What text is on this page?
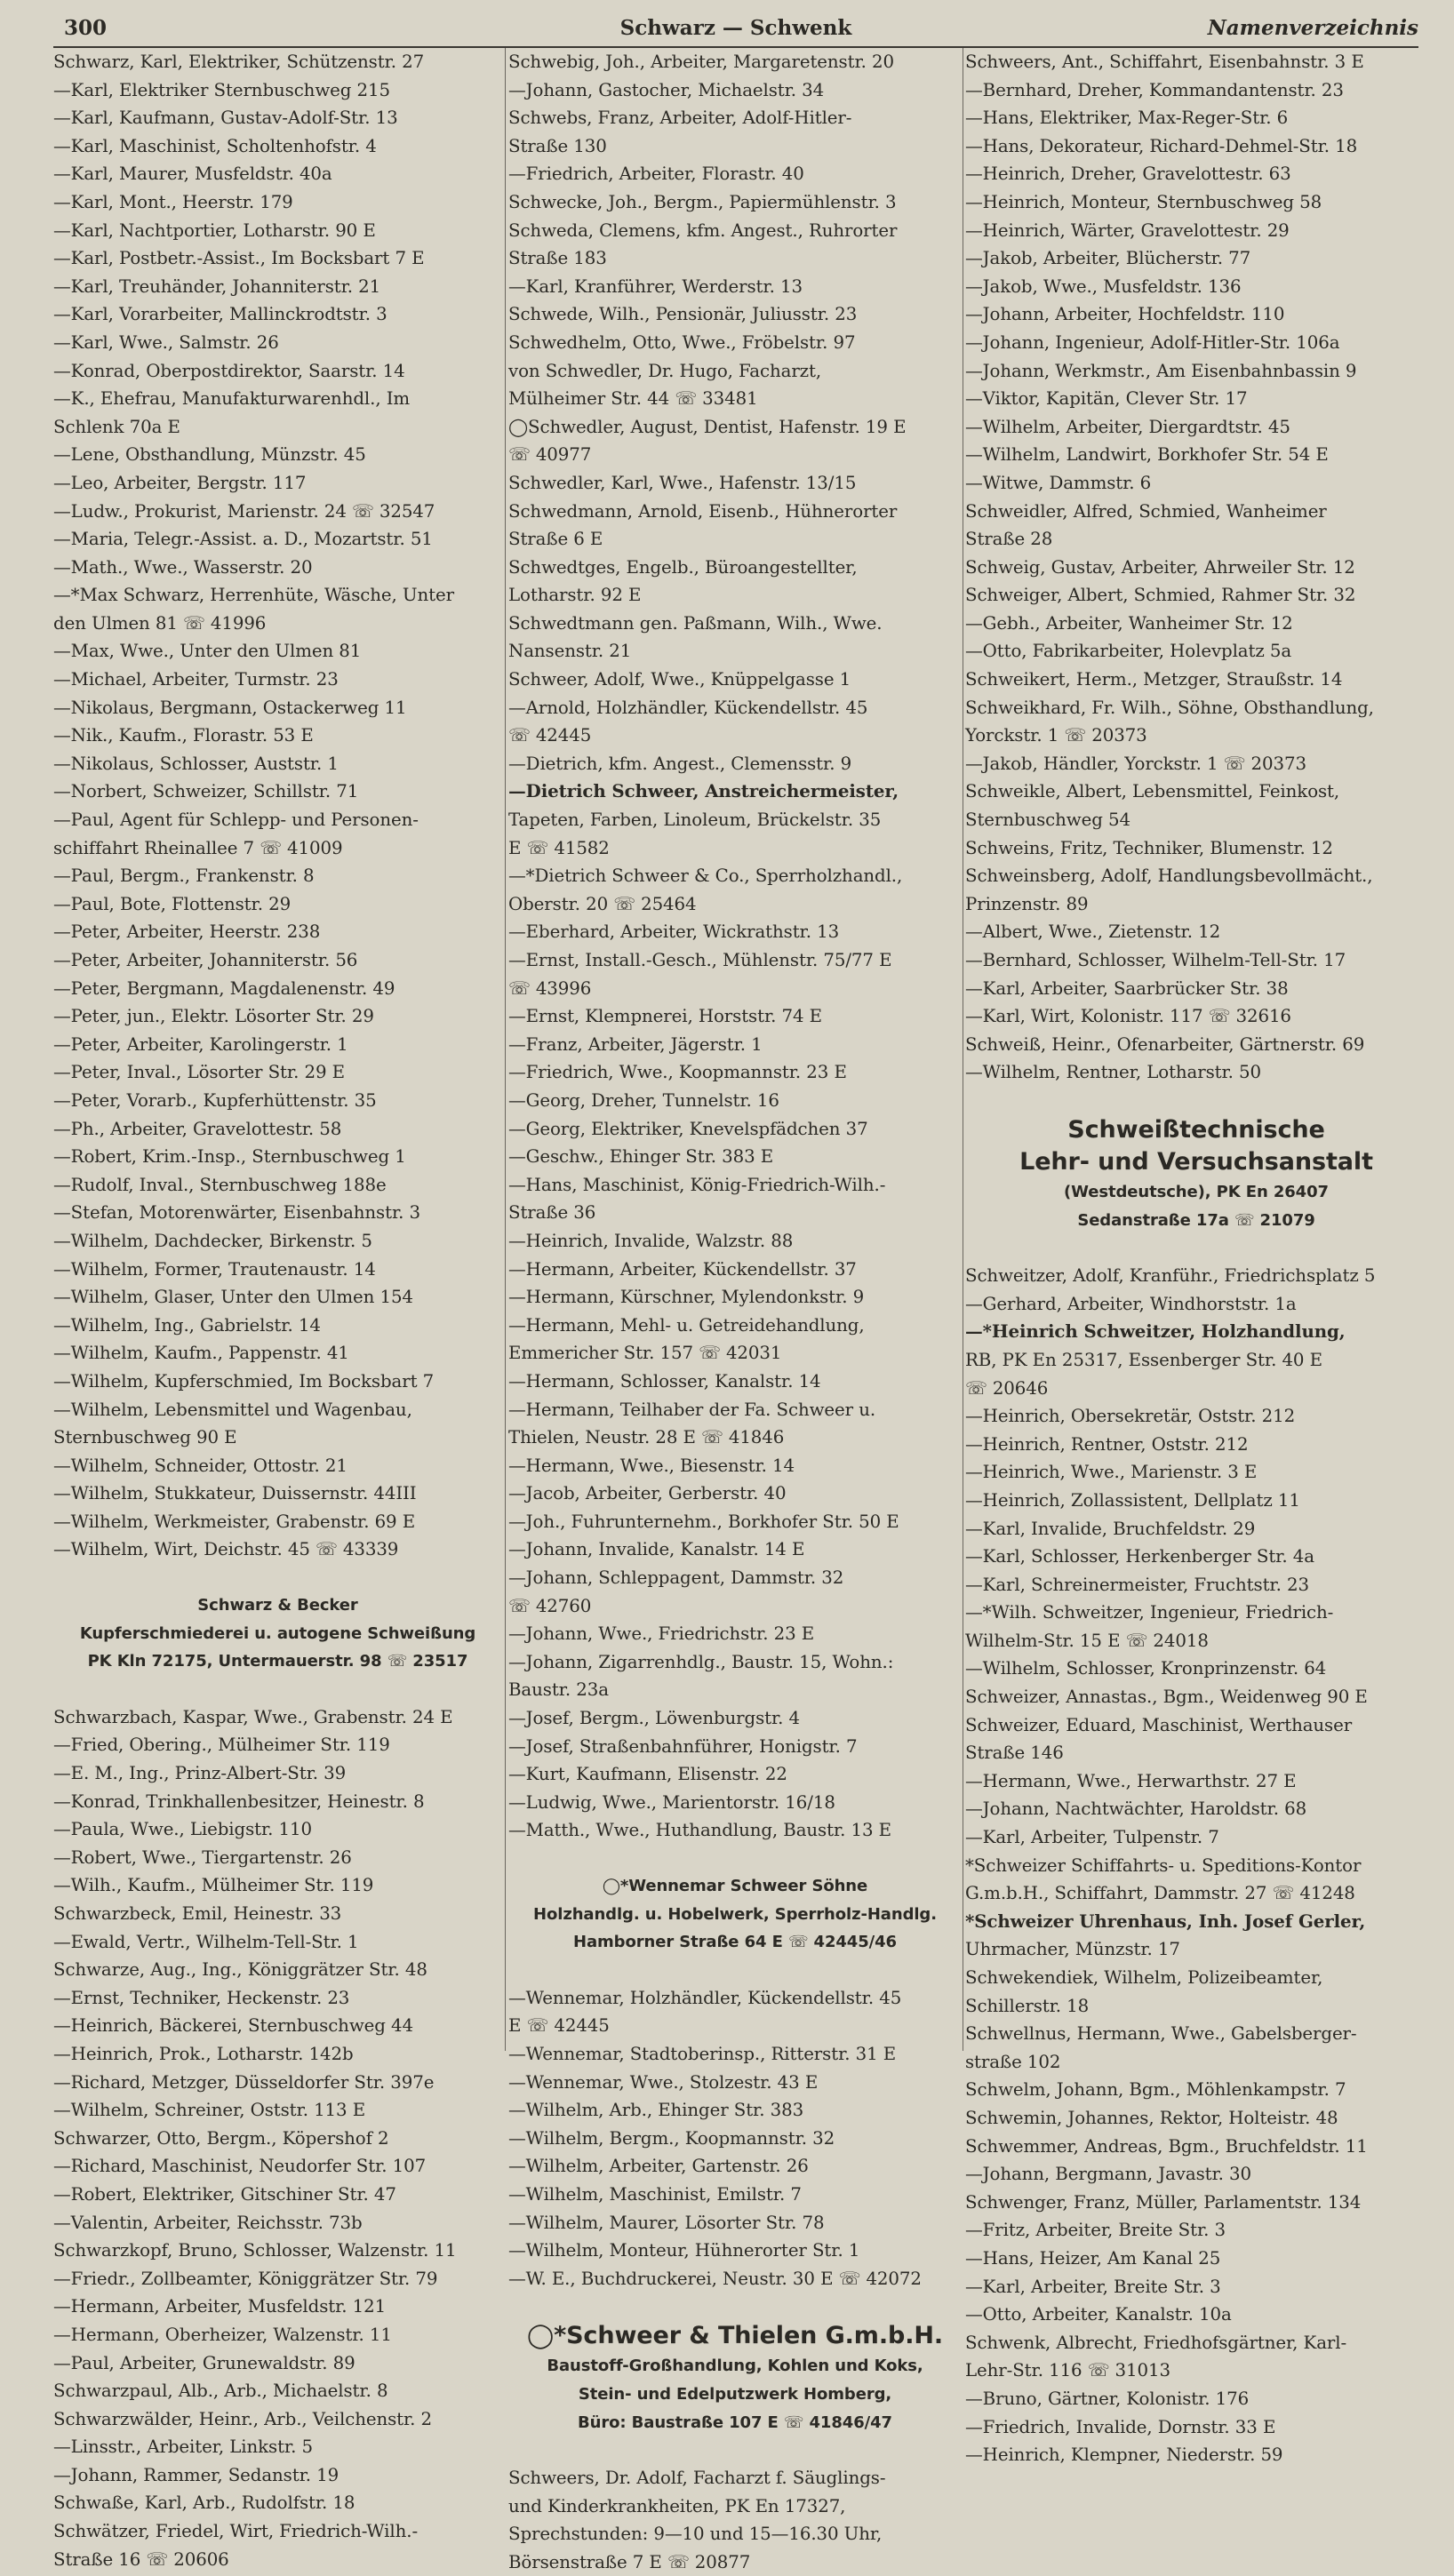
300	Schwarz — Schwenk	Namenverzeichnis
Schwarz, Karl, Elektriker, Schützenstr. 27
—Karl, Elektriker Sternbuschweg 215
—Karl, Kaufmann, Gustav-Adolf-Str. 13
—Karl, Maschinist, Scholtenhofstr. 4
—Karl, Maurer, Musfeldstr. 40a
—Karl, Mont., Heerstr. 179
—Karl, Nachtportier, Lotharstr. 90 E
—Karl, Postbetr.-Assist., Im Bocksbart 7 E
—Karl, Treuhänder, Johanniterstr. 21
—Karl, Vorarbeiter, Mallinckrodtstr. 3
—Karl, Wwe., Salmstr. 26
—Konrad, Oberpostdirektor, Saarstr. 14
—K., Ehefrau, Manufakturwarenhdl., Im
Schlenk 70a E
—Lene, Obsthandlung, Münzstr. 45
—Leo, Arbeiter, Bergstr. 117
—Ludw., Prokurist, Marienstr. 24 ☏ 32547
—Maria, Telegr.-Assist. a. D., Mozartstr. 51
—Math., Wwe., Wasserstr. 20
—*Max Schwarz, Herrenhüte, Wäsche, Unter
den Ulmen 81 ☏ 41996
—Max, Wwe., Unter den Ulmen 81
—Michael, Arbeiter, Turmstr. 23
—Nikolaus, Bergmann, Ostackerweg 11
—Nik., Kaufm., Florastr. 53 E
—Nikolaus, Schlosser, Auststr. 1
—Norbert, Schweizer, Schillstr. 71
—Paul, Agent für Schlepp- und Personen-
schiffahrt Rheinallee 7 ☏ 41009
—Paul, Bergm., Frankenstr. 8
—Paul, Bote, Flottenstr. 29
—Peter, Arbeiter, Heerstr. 238
—Peter, Arbeiter, Johanniterstr. 56
—Peter, Bergmann, Magdalenenstr. 49
—Peter, jun., Elektr. Lösorter Str. 29
—Peter, Arbeiter, Karolingerstr. 1
—Peter, Inval., Lösorter Str. 29 E
—Peter, Vorarb., Kupferhüttenstr. 35
—Ph., Arbeiter, Gravelottestr. 58
—Robert, Krim.-Insp., Sternbuschweg 1
—Rudolf, Inval., Sternbuschweg 188e
—Stefan, Motorenwärter, Eisenbahnstr. 3
—Wilhelm, Dachdecker, Birkenstr. 5
—Wilhelm, Former, Trautenaustr. 14
—Wilhelm, Glaser, Unter den Ulmen 154
—Wilhelm, Ing., Gabrielstr. 14
—Wilhelm, Kaufm., Pappenstr. 41
—Wilhelm, Kupferschmied, Im Bocksbart 7
—Wilhelm, Lebensmittel und Wagenbau,
Sternbuschweg 90 E
—Wilhelm, Schneider, Ottostr. 21
—Wilhelm, Stukkateur, Duissernstr. 44III
—Wilhelm, Werkmeister, Grabenstr. 69 E
—Wilhelm, Wirt, Deichstr. 45 ☏ 43339
Schwarz & Becker
Kupferschmiederei u. autogene Schweißung
PK Kln 72175, Untermauerstr. 98 ☏ 23517
Schwarzbach, Kaspar, Wwe., Grabenstr. 24 E
—Fried, Obering., Mülheimer Str. 119
—E. M., Ing., Prinz-Albert-Str. 39
—Konrad, Trinkhallenbesitzer, Heinestr. 8
—Paula, Wwe., Liebigstr. 110
—Robert, Wwe., Tiergartenstr. 26
—Wilh., Kaufm., Mülheimer Str. 119
Schwarzbeck, Emil, Heinestr. 33
—Ewald, Vertr., Wilhelm-Tell-Str. 1
Schwarze, Aug., Ing., Königgrätzer Str. 48
—Ernst, Techniker, Heckenstr. 23
—Heinrich, Bäckerei, Sternbuschweg 44
—Heinrich, Prok., Lotharstr. 142b
—Richard, Metzger, Düsseldorfer Str. 397e
—Wilhelm, Schreiner, Oststr. 113 E
Schwarzer, Otto, Bergm., Köpershof 2
—Richard, Maschinist, Neudorfer Str. 107
—Robert, Elektriker, Gitschiner Str. 47
—Valentin, Arbeiter, Reichsstr. 73b
Schwarzkopf, Bruno, Schlosser, Walzenstr. 11
—Friedr., Zollbeamter, Königgrätzer Str. 79
—Hermann, Arbeiter, Musfeldstr. 121
—Hermann, Oberheizer, Walzenstr. 11
—Paul, Arbeiter, Grunewaldstr. 89
Schwarzpaul, Alb., Arb., Michaelstr. 8
Schwarzwälder, Heinr., Arb., Veilchenstr. 2
—Linsstr., Arbeiter, Linkstr. 5
—Johann, Rammer, Sedanstr. 19
Schwaße, Karl, Arb., Rudolfstr. 18
Schwätzer, Friedel, Wirt, Friedrich-Wilh.-
Straße 16 ☏ 20606
Schwebig, Joh., Arbeiter, Margaretenstr. 20
—Johann, Gastocher, Michaelstr. 34
Schwebs, Franz, Arbeiter, Adolf-Hitler-
Straße 130
—Friedrich, Arbeiter, Florastr. 40
Schwecke, Joh., Bergm., Papiermühlenstr. 3
Schweda, Clemens, kfm. Angest., Ruhrorter
Straße 183
—Karl, Kranführer, Werderstr. 13
Schwede, Wilh., Pensionär, Juliusstr. 23
Schwedhelm, Otto, Wwe., Fröbelstr. 97
von Schwedler, Dr. Hugo, Facharzt,
Mülheimer Str. 44 ☏ 33481
◯Schwedler, August, Dentist, Hafenstr. 19 E
☏ 40977
Schwedler, Karl, Wwe., Hafenstr. 13/15
Schwedmann, Arnold, Eisenb., Hühnerorter
Straße 6 E
Schwedtges, Engelb., Büroangestellter,
Lotharstr. 92 E
Schwedtmann gen. Paßmann, Wilh., Wwe.
Nansenstr. 21
Schweer, Adolf, Wwe., Knüppelgasse 1
—Arnold, Holzhändler, Kückendellstr. 45
☏ 42445
—Dietrich, kfm. Angest., Clemensstr. 9
—Dietrich Schweer, Anstreichermeister,
Tapeten, Farben, Linoleum, Brückelstr. 35
E ☏ 41582
—*Dietrich Schweer & Co., Sperrholzhandl.,
Oberstr. 20 ☏ 25464
—Eberhard, Arbeiter, Wickrathstr. 13
—Ernst, Install.-Gesch., Mühlenstr. 75/77 E
☏ 43996
—Ernst, Klempnerei, Horststr. 74 E
—Franz, Arbeiter, Jägerstr. 1
—Friedrich, Wwe., Koopmannstr. 23 E
—Georg, Dreher, Tunnelstr. 16
—Georg, Elektriker, Knevelspfädchen 37
—Geschw., Ehinger Str. 383 E
—Hans, Maschinist, König-Friedrich-Wilh.-
Straße 36
—Heinrich, Invalide, Walzstr. 88
—Hermann, Arbeiter, Kückendellstr. 37
—Hermann, Kürschner, Mylendonkstr. 9
—Hermann, Mehl- u. Getreidehandlung,
Emmericher Str. 157 ☏ 42031
—Hermann, Schlosser, Kanalstr. 14
—Hermann, Teilhaber der Fa. Schweer u.
Thielen, Neustr. 28 E ☏ 41846
—Hermann, Wwe., Biesenstr. 14
—Jacob, Arbeiter, Gerberstr. 40
—Joh., Fuhrunternehm., Borkhofer Str. 50 E
—Johann, Invalide, Kanalstr. 14 E
—Johann, Schleppagent, Dammstr. 32
☏ 42760
—Johann, Wwe., Friedrichstr. 23 E
—Johann, Zigarrenhdlg., Baustr. 15, Wohn.:
Baustr. 23a
—Josef, Bergm., Löwenburgstr. 4
—Josef, Straßenbahnführer, Honigstr. 7
—Kurt, Kaufmann, Elisenstr. 22
—Ludwig, Wwe., Marientorstr. 16/18
—Matth., Wwe., Huthandlung, Baustr. 13 E
◯*Wennemar Schweer Söhne
Holzhandlg. u. Hobelwerk, Sperrholz-Handlg.
Hamborner Straße 64 E ☏ 42445/46
—Wennemar, Holzhändler, Kückendellstr. 45
E ☏ 42445
—Wennemar, Stadtoberinsp., Ritterstr. 31 E
—Wennemar, Wwe., Stolzestr. 43 E
—Wilhelm, Arb., Ehinger Str. 383
—Wilhelm, Bergm., Koopmannstr. 32
—Wilhelm, Arbeiter, Gartenstr. 26
—Wilhelm, Maschinist, Emilstr. 7
—Wilhelm, Maurer, Lösorter Str. 78
—Wilhelm, Monteur, Hühnerorter Str. 1
—W. E., Buchdruckerei, Neustr. 30 E ☏ 42072
◯*Schweer & Thielen G.m.b.H.
Baustoff-Großhandlung, Kohlen und Koks,
Stein- und Edelputzwerk Homberg,
Büro: Baustraße 107 E ☏ 41846/47
Schweers, Dr. Adolf, Facharzt f. Säuglings-
und Kinderkrankheiten, PK En 17327,
Sprechstunden: 9—10 und 15—16.30 Uhr,
Börsenstraße 7 E ☏ 20877
Schweers, Ant., Schiffahrt, Eisenbahnstr. 3 E
—Bernhard, Dreher, Kommandantenstr. 23
—Hans, Elektriker, Max-Reger-Str. 6
—Hans, Dekorateur, Richard-Dehmel-Str. 18
—Heinrich, Dreher, Gravelottestr. 63
—Heinrich, Monteur, Sternbuschweg 58
—Heinrich, Wärter, Gravelottestr. 29
—Jakob, Arbeiter, Blücherstr. 77
—Jakob, Wwe., Musfeldstr. 136
—Johann, Arbeiter, Hochfeldstr. 110
—Johann, Ingenieur, Adolf-Hitler-Str. 106a
—Johann, Werkmstr., Am Eisenbahnbassin 9
—Viktor, Kapitän, Clever Str. 17
—Wilhelm, Arbeiter, Diergardtstr. 45
—Wilhelm, Landwirt, Borkhofer Str. 54 E
—Witwe, Dammstr. 6
Schweidler, Alfred, Schmied, Wanheimer
Straße 28
Schweig, Gustav, Arbeiter, Ahrweiler Str. 12
Schweiger, Albert, Schmied, Rahmer Str. 32
—Gebh., Arbeiter, Wanheimer Str. 12
—Otto, Fabrikarbeiter, Holevplatz 5a
Schweikert, Herm., Metzger, Straußstr. 14
Schweikhard, Fr. Wilh., Söhne, Obsthandlung,
Yorckstr. 1 ☏ 20373
—Jakob, Händler, Yorckstr. 1 ☏ 20373
Schweikle, Albert, Lebensmittel, Feinkost,
Sternbuschweg 54
Schweins, Fritz, Techniker, Blumenstr. 12
Schweinsberg, Adolf, Handlungsbevollmächt.,
Prinzenstr. 89
—Albert, Wwe., Zietenstr. 12
—Bernhard, Schlosser, Wilhelm-Tell-Str. 17
—Karl, Arbeiter, Saarbrücker Str. 38
—Karl, Wirt, Kolonistr. 117 ☏ 32616
Schweiß, Heinr., Ofenarbeiter, Gärtnerstr. 69
—Wilhelm, Rentner, Lotharstr. 50
Schweißtechnische
Lehr- und Versuchsanstalt
(Westdeutsche), PK En 26407
Sedanstraße 17a ☏ 21079
Schweitzer, Adolf, Kranführ., Friedrichsplatz 5
—Gerhard, Arbeiter, Windhorststr. 1a
—*Heinrich Schweitzer, Holzhandlung,
RB, PK En 25317, Essenberger Str. 40 E
☏ 20646
—Heinrich, Obersekretär, Oststr. 212
—Heinrich, Rentner, Oststr. 212
—Heinrich, Wwe., Marienstr. 3 E
—Heinrich, Zollassistent, Dellplatz 11
—Karl, Invalide, Bruchfeldstr. 29
—Karl, Schlosser, Herkenberger Str. 4a
—Karl, Schreinermeister, Fruchtstr. 23
—*Wilh. Schweitzer, Ingenieur, Friedrich-
Wilhelm-Str. 15 E ☏ 24018
—Wilhelm, Schlosser, Kronprinzenstr. 64
Schweizer, Annastas., Bgm., Weidenweg 90 E
Schweizer, Eduard, Maschinist, Werthauser
Straße 146
—Hermann, Wwe., Herwarthstr. 27 E
—Johann, Nachtwächter, Haroldstr. 68
—Karl, Arbeiter, Tulpenstr. 7
*Schweizer Schiffahrts- u. Speditions-Kontor
G.m.b.H., Schiffahrt, Dammstr. 27 ☏ 41248
*Schweizer Uhrenhaus, Inh. Josef Gerler,
Uhrmacher, Münzstr. 17
Schwekendiek, Wilhelm, Polizeibeamter,
Schillerstr. 18
Schwellnus, Hermann, Wwe., Gabelsberger-
straße 102
Schwelm, Johann, Bgm., Möhlenkampstr. 7
Schwemin, Johannes, Rektor, Holteistr. 48
Schwemmer, Andreas, Bgm., Bruchfeldstr. 11
—Johann, Bergmann, Javastr. 30
Schwenger, Franz, Müller, Parlamentstr. 134
—Fritz, Arbeiter, Breite Str. 3
—Hans, Heizer, Am Kanal 25
—Karl, Arbeiter, Breite Str. 3
—Otto, Arbeiter, Kanalstr. 10a
Schwenk, Albrecht, Friedhofsgärtner, Karl-
Lehr-Str. 116 ☏ 31013
—Bruno, Gärtner, Kolonistr. 176
—Friedrich, Invalide, Dornstr. 33 E
—Heinrich, Klempner, Niederstr. 59
